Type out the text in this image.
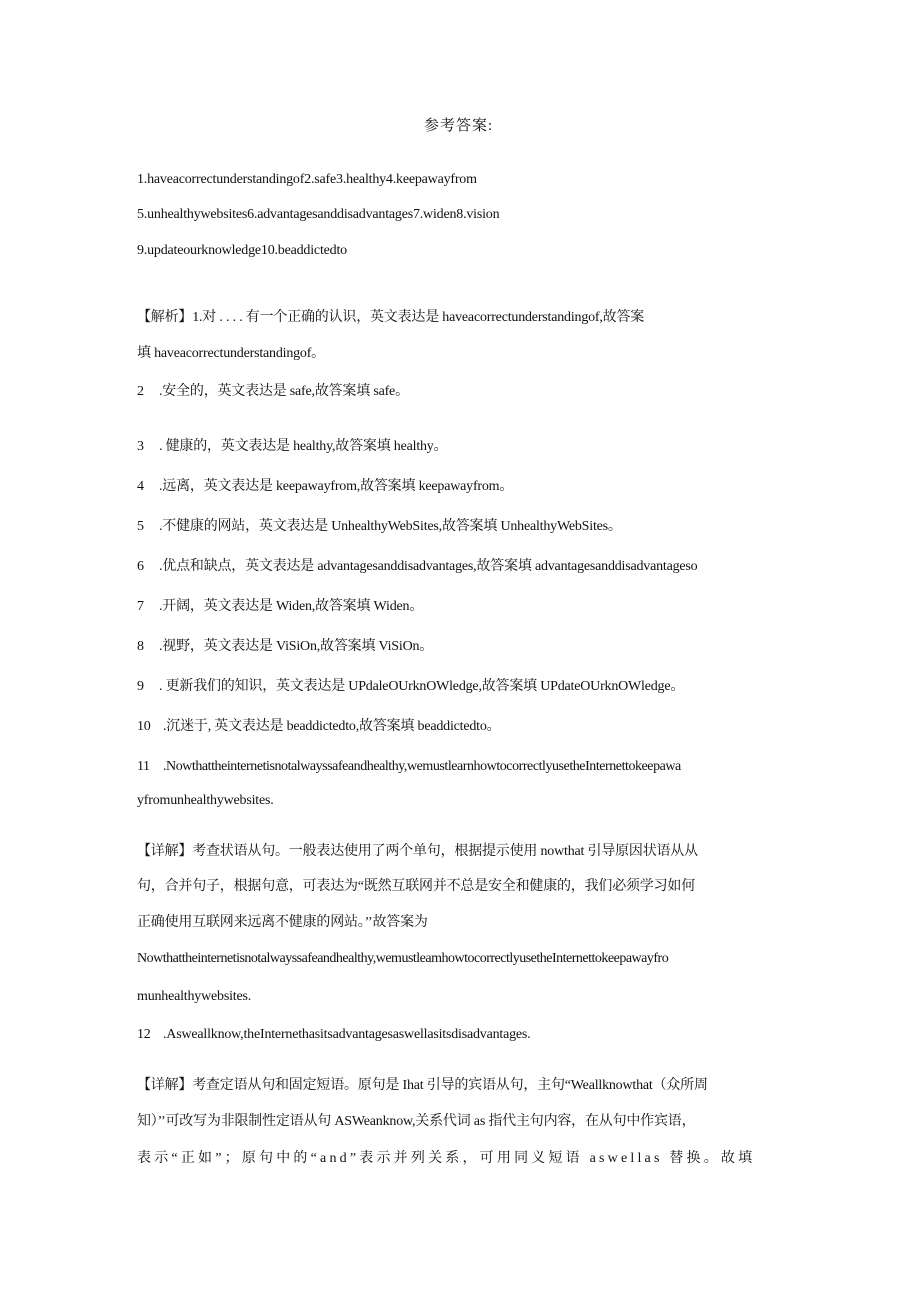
参考答案:
1.haveacorrectunderstandingof2.safe3.healthy4.keepawayfrom
5.unhealthywebsites6.advantagesanddisadvantages7.widen8.vision
9.updateourknowledge10.beaddictedto
【解析】1.对 . . . . 有一个正确的认识，英文表达是 haveacorrectunderstandingof,故答案
填 haveacorrectunderstandingof。
2 .安全的，英文表达是 safe,故答案填 safe。
3 . 健康的，英文表达是 healthy,故答案填 healthy。
4 .远离，英文表达是 keepawayfrom,故答案填 keepawayfrom。
5 .不健康的网站，英文表达是 UnhealthyWebSites,故答案填 UnhealthyWebSites。
6 .优点和缺点，英文表达是 advantagesanddisadvantages,故答案填 advantagesanddisadvantageso
7 .开阔，英文表达是 Widen,故答案填 Widen。
8 .视野，英文表达是 ViSiOn,故答案填 ViSiOn。
9 . 更新我们的知识，英文表达是 UPdaleOUrknOWledge,故答案填 UPdateOUrknOWledge。
10 .沉迷于, 英文表达是 beaddictedto,故答案填 beaddictedto。
11 .Nowthattheinternetisnotalwayssafeandhealthy,wemustlearnhowtocorrectlyusetheInternettokeepawa
yfromunhealthywebsites.
【详解】考查状语从句。一般表达使用了两个单句，根据提示使用 nowthat 引导原因状语从从
句，合并句子，根据句意，可表达为“既然互联网并不总是安全和健康的，我们必须学习如何
正确使用互联网来远离不健康的网站。’’故答案为
Nowthattheinternetisnotalwayssafeandhealthy,wemustleamhowtocorrectlyusetheInternettokeepawayfro
munhealthywebsites.
12 .Asweallknow,theInternethasitsadvantagesaswellasitsdisadvantages.
【详解】考查定语从句和固定短语。原句是 Ihat 引导的宾语从句，主句“Weallknowthat（众所周
知）’’可改写为非限制性定语从句 ASWeanknow,关系代词 as 指代主句内容，在从句中作宾语，
表示“正如”；原句中的“and”表示并列关系，可用同义短语 aswellas 替换。故填
